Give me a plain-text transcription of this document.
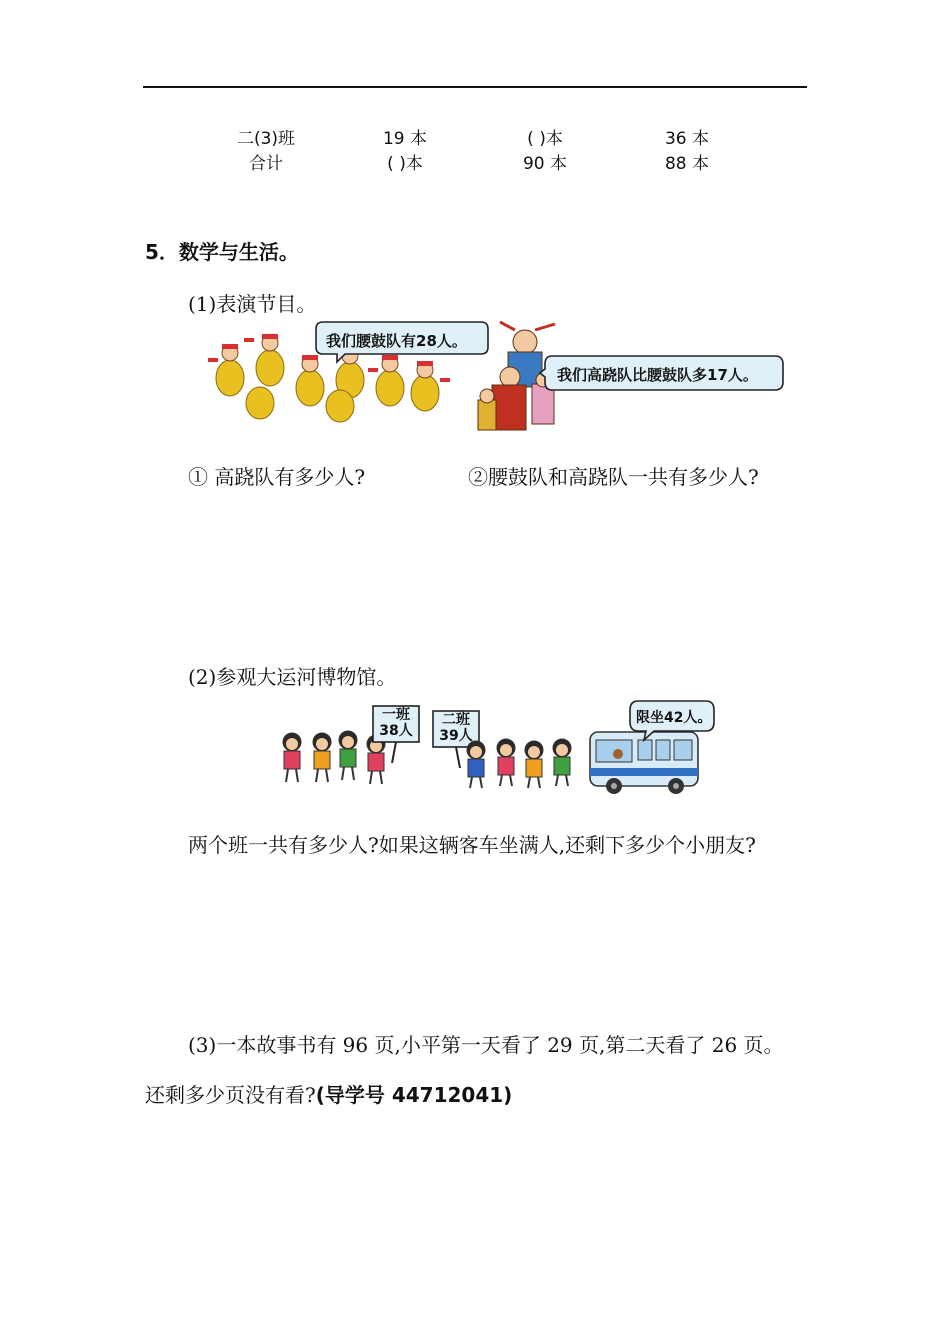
二(3)班	19 本	( )本	36 本
合计	( )本	90 本	88 本
5．数学与生活。
(1)表演节目。
我们腰鼓队有28人。
我们高跷队比腰鼓队多17人。
① 高跷队有多少人?	②腰鼓队和高跷队一共有多少人?
(2)参观大运河博物馆。
一班
38人
二班
39人
限坐42人。
两个班一共有多少人?如果这辆客车坐满人,还剩下多少个小朋友?
(3)一本故事书有 96 页,小平第一天看了 29 页,第二天看了 26 页。还剩多少页没有看?(导学号 44712041)
